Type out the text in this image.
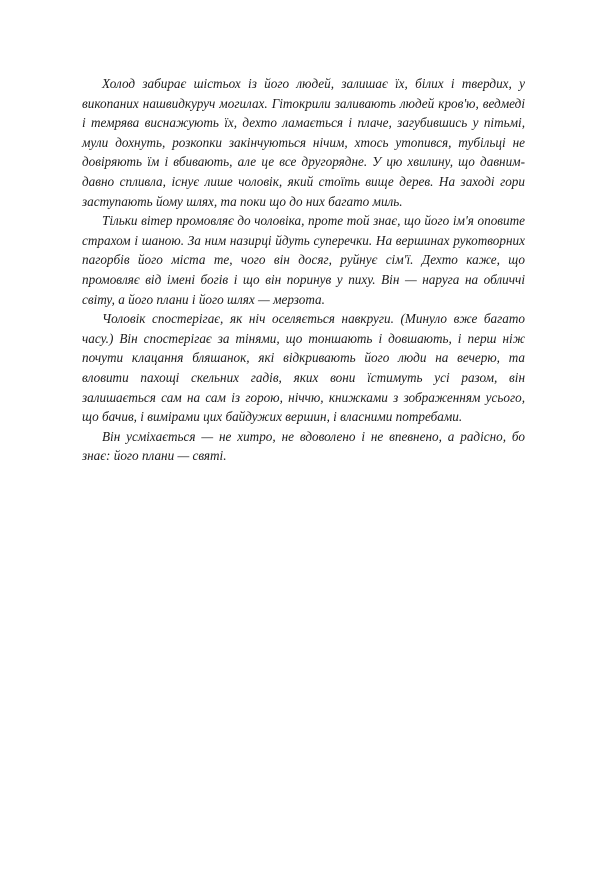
Холод забирає шістьох із його людей, залишає їх, білих і твердих, у викопаних нашвидкуруч могилах. Гітокрили заливають людей кров'ю, ведмеді і темрява виснажують їх, дехто ламається і плаче, загубившись у пітьмі, мули дохнуть, розкопки закінчуються нічим, хтось утопився, тубільці не довіряють їм і вбивають, але це все другорядне. У цю хвилину, що давним-давно спливла, існує лише чоловік, який стоїть вище дерев. На заході гори заступають йому шлях, та поки що до них багато миль.

Тільки вітер промовляє до чоловіка, проте той знає, що його ім'я оповите страхом і шаною. За ним назирці йдуть суперечки. На вершинах рукотворних пагорбів його міста те, чого він досяг, руйнує сім'ї. Дехто каже, що промовляє від імені богів і що він поринув у пиху. Він — наруга на обличчі світу, а його плани і його шлях — мерзота.

Чоловік спостерігає, як ніч оселяється навкруги. (Минуло вже багато часу.) Він спостерігає за тінями, що тоншають і довшають, і перш ніж почути клацання бляшанок, які відкривають його люди на вечерю, та вловити пахощі скельних гадів, яких вони їстимуть усі разом, він залишається сам на сам із горою, ніччю, книжками з зображенням усього, що бачив, і вимірами цих байдужих вершин, і власними потребами.

Він усміхається — не хитро, не вдоволено і не впевнено, а радісно, бо знає: його плани — святі.
